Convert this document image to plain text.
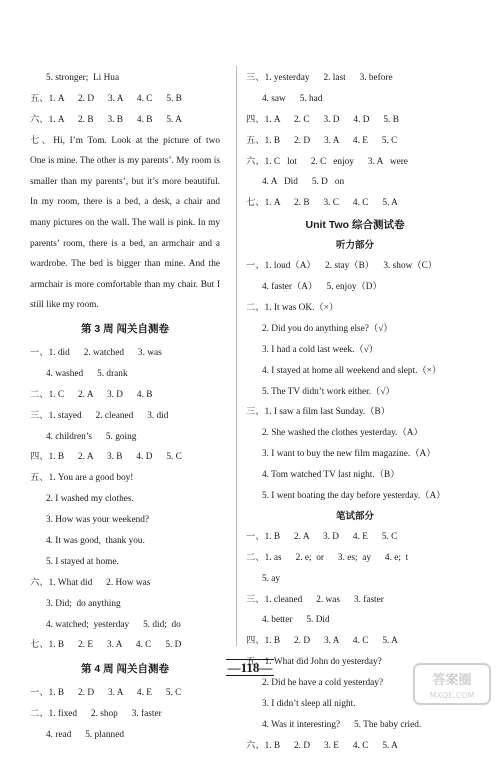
5. stronger;  Li Hua
五、1. A      2. D      3. A      4. C      5. B
六、1. A      2. B      3. B      4. B      5. A
七、Hi, I’m Tom. Look at the picture of two
One is mine. The other is my parents’. My room is
smaller than my parents’, but it’s more beautiful.
In my room, there is a bed, a desk, a chair and
many pictures on the wall. The wall is pink. In my
parents’ room, there is a bed, an armchair and a
wardrobe. The bed is bigger than mine. And the
armchair is more comfortable than my chair. But I
still like my room.
第 3 周 闯关自测卷
一、1. did      2. watched      3. was
4. washed      5. drank
二、1. C      2. A      3. D      4. B
三、1. stayed      2. cleaned      3. did
4. children’s      5. going
四、1. B      2. A      3. B      4. D      5. C
五、1. You are a good boy!
2. I washed my clothes.
3. How was your weekend?
4. It was good,  thank you.
5. I stayed at home.
六、1. What did      2. How was
3. Did;  do anything
4. watched;  yesterday      5. did;  do
七、1. B      2. E      3. A      4. C      5. D
第 4 周 闯关自测卷
一、1. B      2. D      3. A      4. E      5. C
二、1. fixed      2. shop      3. faster
4. read      5. planned
三、1. yesterday      2. last      3. before
4. saw      5. had
四、1. A      2. C      3. D      4. D      5. B
五、1. B      2. D      3. A      4. E      5. C
六、1. C   lot      2. C   enjoy      3. A   were
4. A   Did      5. D   on
七、1. A      2. B      3. C      4. C      5. A
Unit Two 综合测试卷
听力部分
一、1. loud（A）    2. stay（B）    3. show（C）
4. faster（A）    5. enjoy（D）
二、1. It was OK.（×）
2. Did you do anything else?（√）
3. I had a cold last week.（√）
4. I stayed at home all weekend and slept.（×）
5. The TV didn’t work either.（√）
三、1. I saw a film last Sunday.（B）
2. She washed the clothes yesterday.（A）
3. I want to buy the new film magazine.（A）
4. Tom watched TV last night.（B）
5. I went boating the day before yesterday.（A）
笔试部分
一、1. B      2. A      3. D      4. E      5. C
二、1. as      2. e;  or      3. es;  ay      4. e;  t
5. ay
三、1. cleaned      2. was      3. faster
4. better      5. Did
四、1. B      2. D      3. A      4. C      5. A
五、1. What did John do yesterday?
2. Did he have a cold yesterday?
3. I didn’t sleep all night.
4. Was it interesting?      5. The baby cried.
六、1. B      2. D      3. E      4. C      5. A
—118—
答案圈
MXQE.COM
